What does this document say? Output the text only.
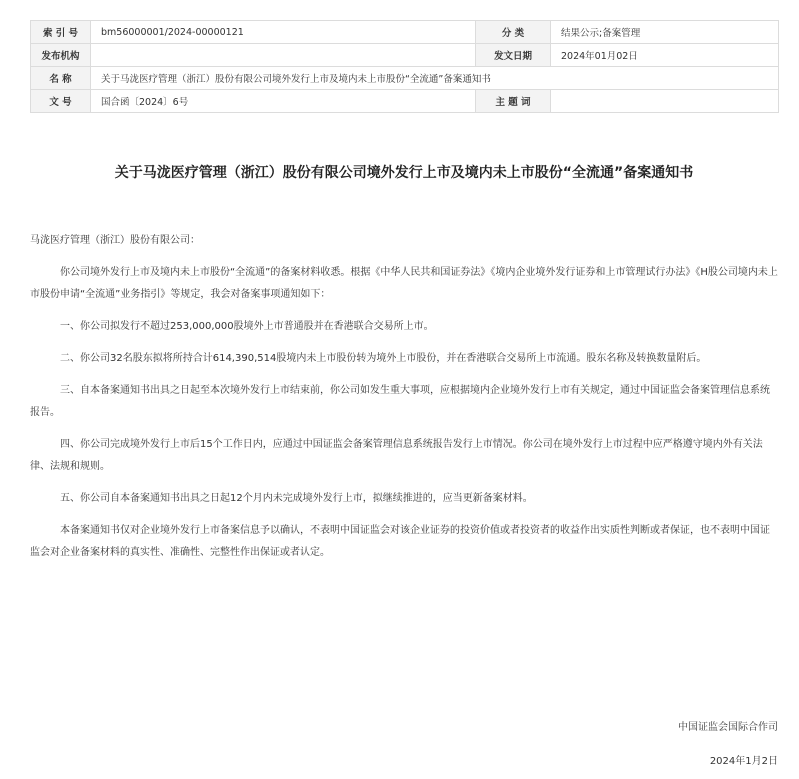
索 引 号	bm56000001/2024-00000121	分 类	结果公示;备案管理
发布机构		发文日期	2024年01月02日
名 称	关于马泷医疗管理（浙江）股份有限公司境外发行上市及境内未上市股份“全流通”备案通知书		
文 号	国合函〔2024〕6号	主 题 词	
关于马泷医疗管理（浙江）股份有限公司境外发行上市及境内未上市股份“全流通”备案通知书

马泷医疗管理（浙江）股份有限公司：

你公司境外发行上市及境内未上市股份“全流通”的备案材料收悉。根据《中华人民共和国证券法》《境内企业境外发行证券和上市管理试行办法》《H股公司境内未上市股份申请“全流通”业务指引》等规定，我会对备案事项通知如下：

一、你公司拟发行不超过253,000,000股境外上市普通股并在香港联合交易所上市。

二、你公司32名股东拟将所持合计614,390,514股境内未上市股份转为境外上市股份，并在香港联合交易所上市流通。股东名称及转换数量附后。

三、自本备案通知书出具之日起至本次境外发行上市结束前，你公司如发生重大事项，应根据境内企业境外发行上市有关规定，通过中国证监会备案管理信息系统报告。

四、你公司完成境外发行上市后15个工作日内，应通过中国证监会备案管理信息系统报告发行上市情况。你公司在境外发行上市过程中应严格遵守境内外有关法律、法规和规则。

五、你公司自本备案通知书出具之日起12个月内未完成境外发行上市，拟继续推进的，应当更新备案材料。

本备案通知书仅对企业境外发行上市备案信息予以确认，不表明中国证监会对该企业证券的投资价值或者投资者的收益作出实质性判断或者保证，也不表明中国证监会对企业备案材料的真实性、准确性、完整性作出保证或者认定。

中国证监会国际合作司
2024年1月2日
